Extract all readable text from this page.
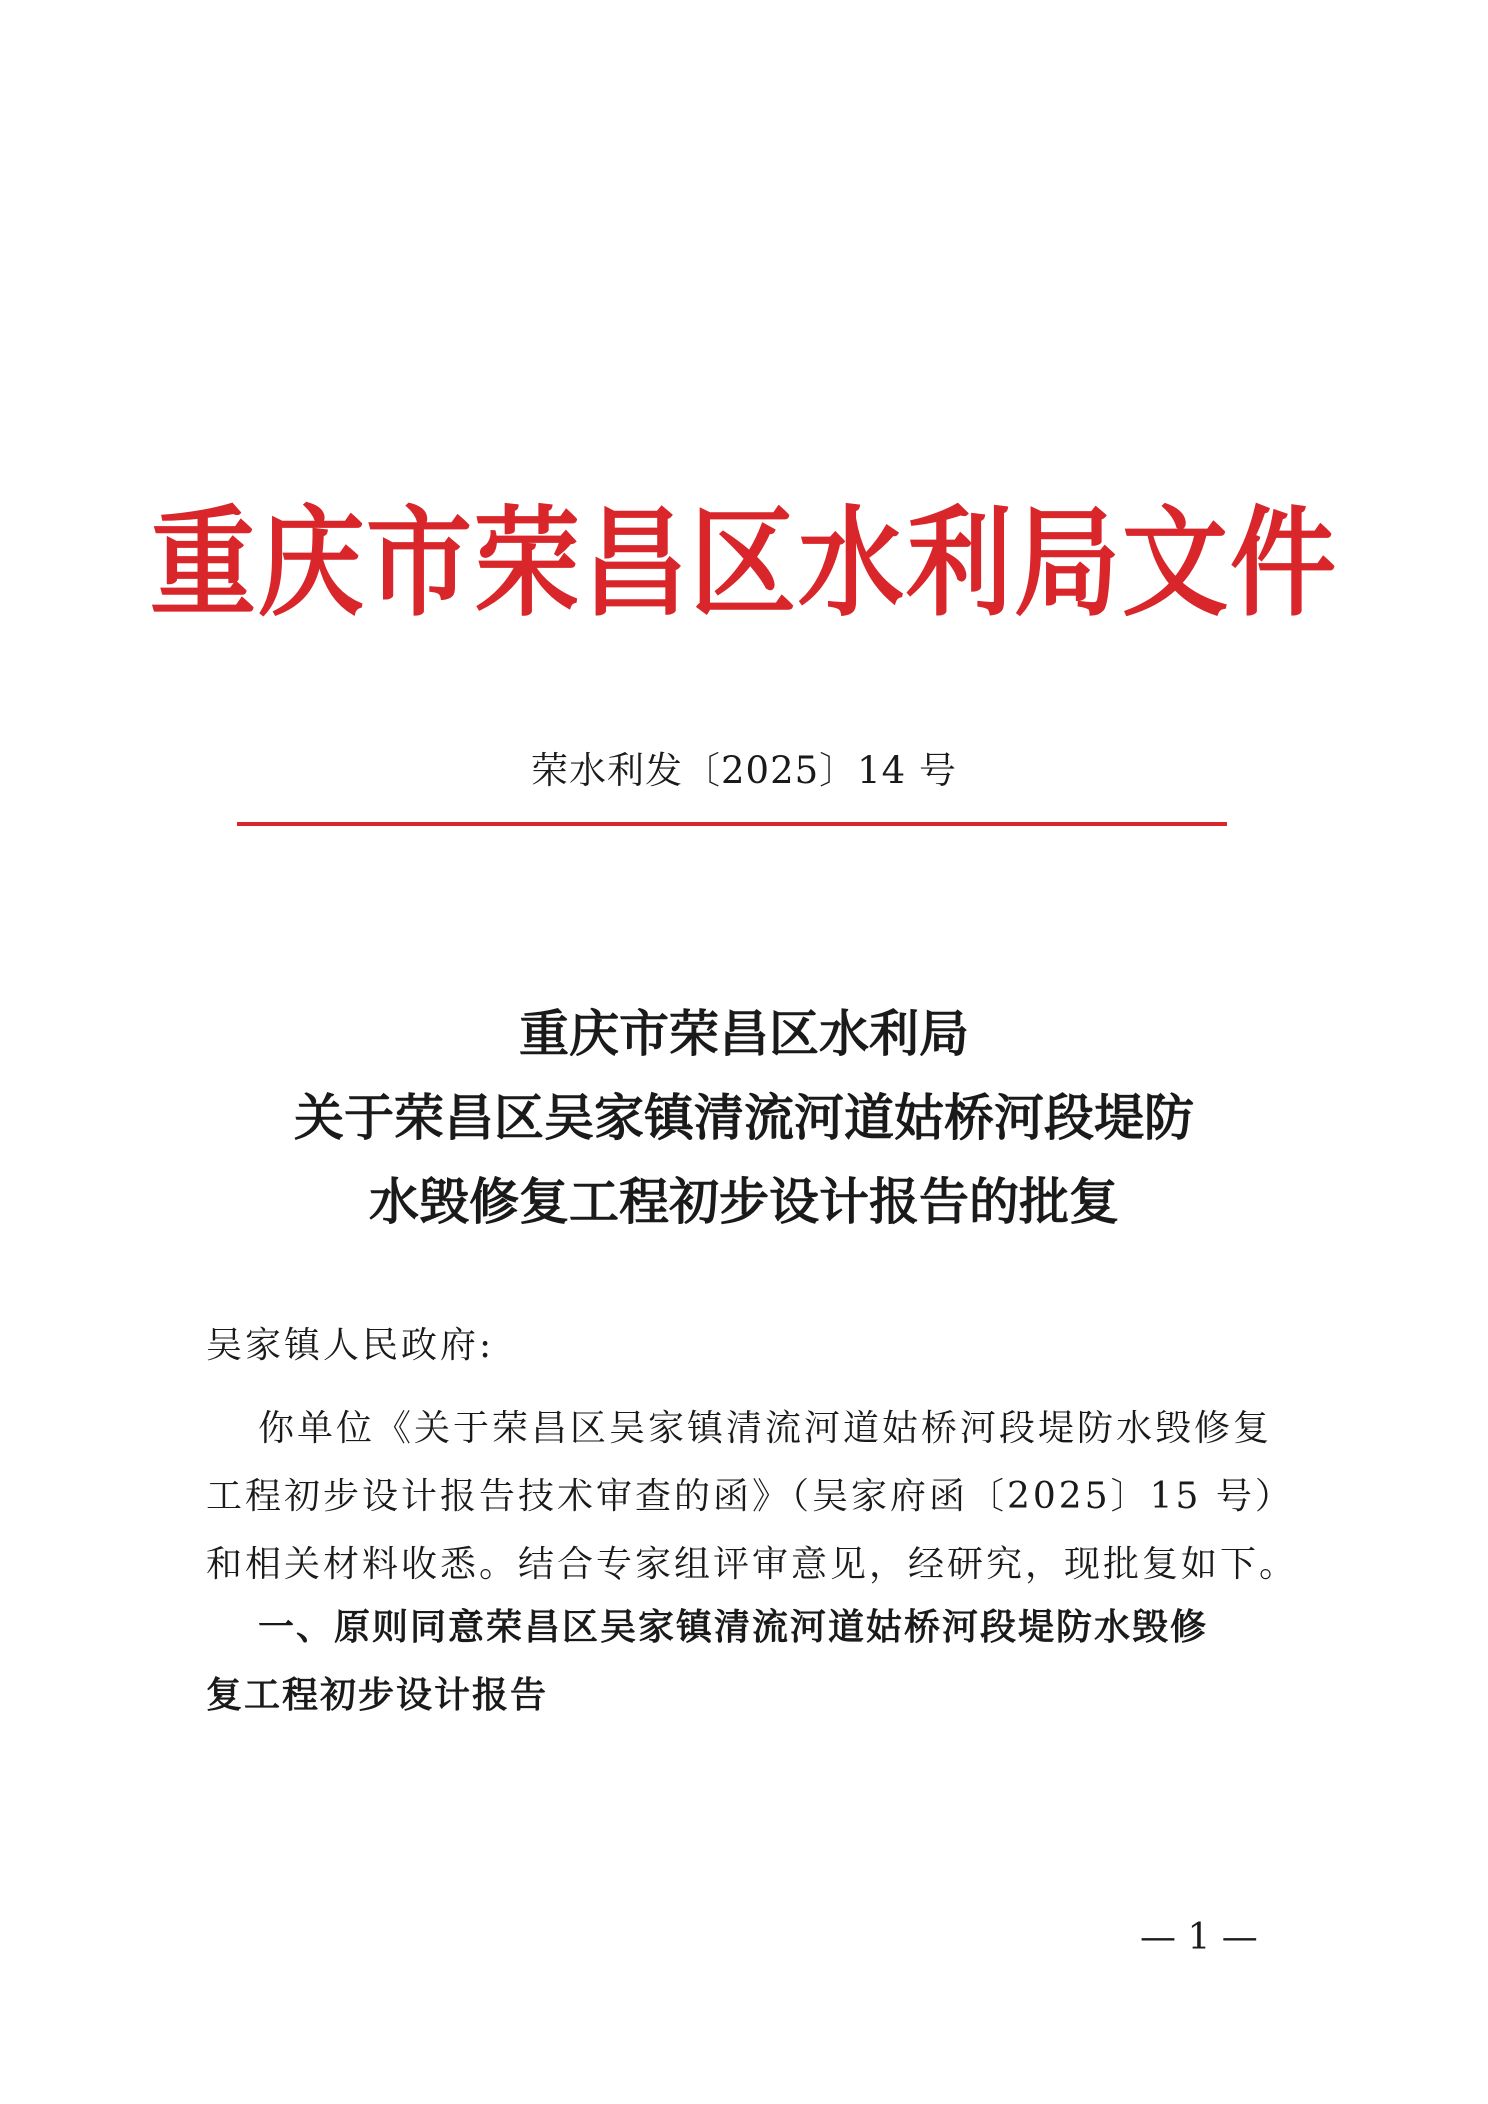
重庆市荣昌区水利局文件
荣水利发〔2025〕14 号
重庆市荣昌区水利局
关于荣昌区吴家镇清流河道姑桥河段堤防
水毁修复工程初步设计报告的批复
吴家镇人民政府:
你单位《关于荣昌区吴家镇清流河道姑桥河段堤防水毁修复
工程初步设计报告技术审查的函》（吴家府函〔2025〕15 号）
和相关材料收悉。结合专家组评审意见，经研究，现批复如下。
一、原则同意荣昌区吴家镇清流河道姑桥河段堤防水毁修
复工程初步设计报告
— 1 —
